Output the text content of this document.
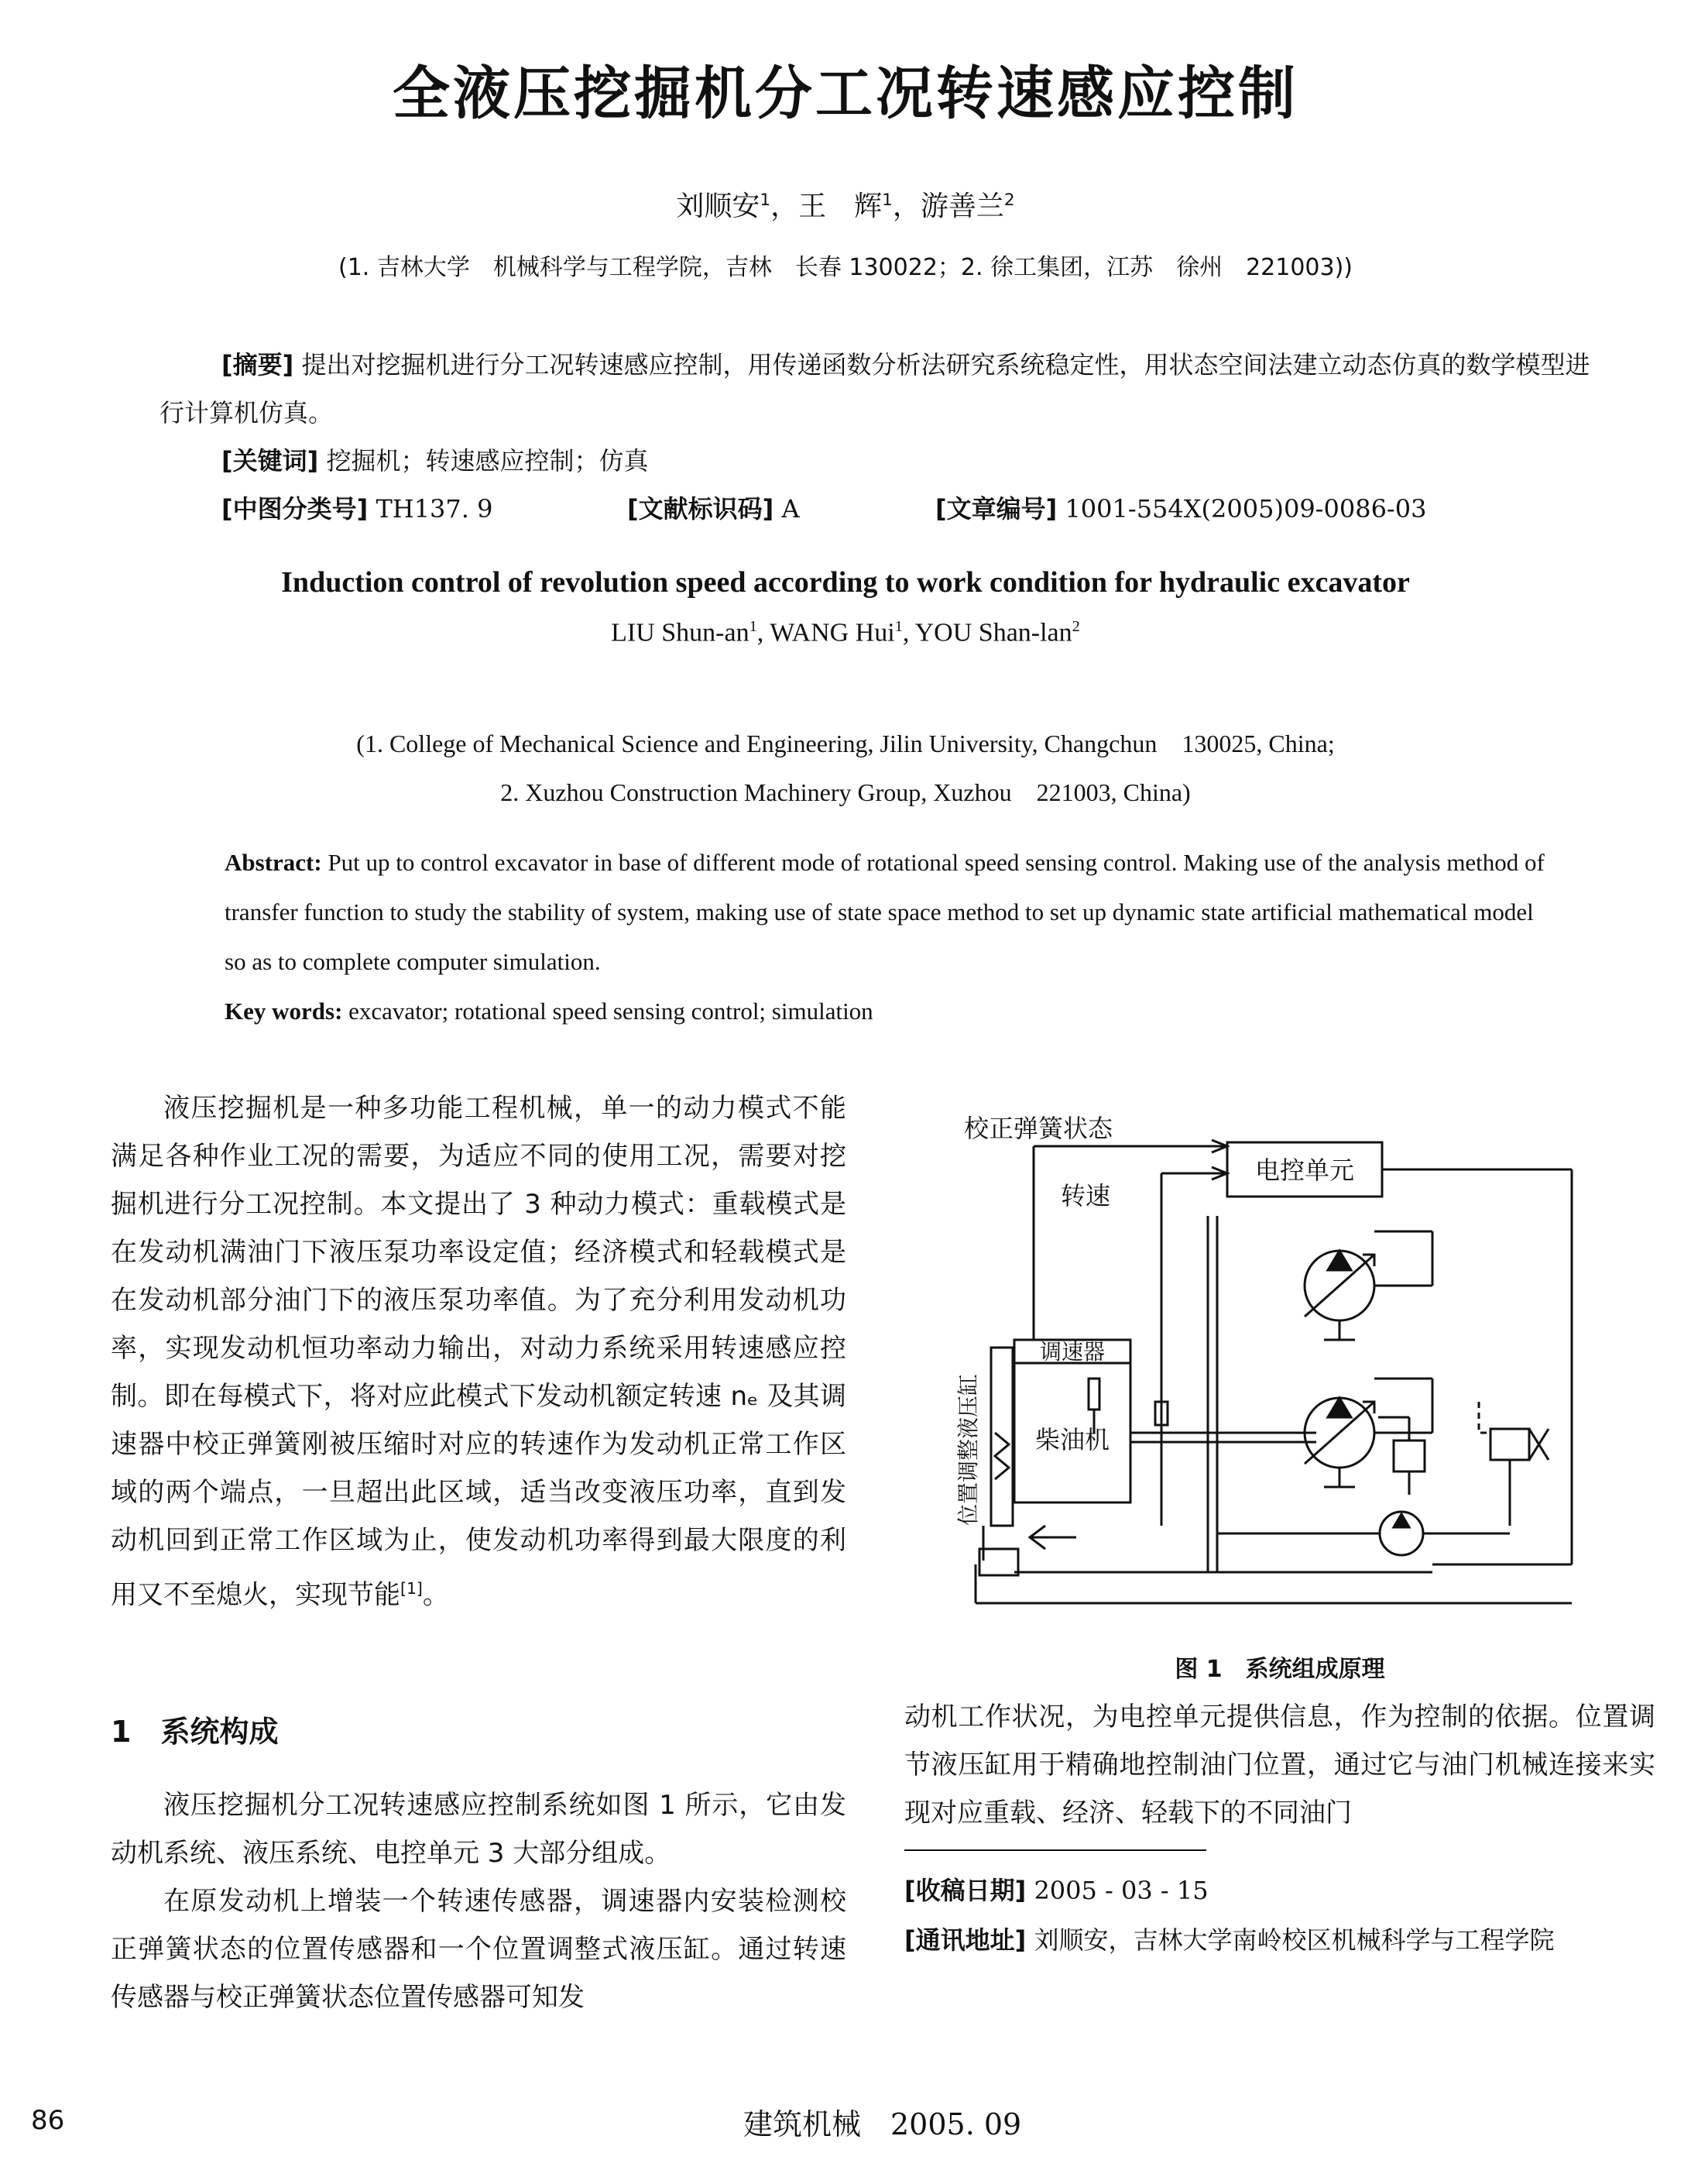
全液压挖掘机分工况转速感应控制
刘顺安$^1$，王　辉$^1$，游善兰$^2$
(1. 吉林大学　机械科学与工程学院，吉林　长春 130022；2. 徐工集团，江苏　徐州　221003))
[摘要] 提出对挖掘机进行分工况转速感应控制，用传递函数分析法研究系统稳定性，用状态空间法建立动态仿真的数学模型进行计算机仿真。
[关键词] 挖掘机；转速感应控制；仿真
[中图分类号] TH137. 9	[文献标识码] A	[文章编号] 1001-554X(2005)09-0086-03
Induction control of revolution speed according to work condition for hydraulic excavator
LIU Shun-$an^1$, WANG Hui$^1$, YOU Shan-lan$^2$
(1. College of Mechanical Science and Engineering, Jilin University, Changchun　130025, China;
2. Xuzhou Construction Machinery Group, Xuzhou　221003, China)
Abstract: Put up to control excavator in base of different mode of rotational speed sensing control. Making use of the analysis method of transfer function to study the stability of system, making use of state space method to set up dynamic state artificial mathematical model so as to complete computer simulation.
Key words: excavator; rotational speed sensing control; simulation

液压挖掘机是一种多功能工程机械，单一的动力模式不能满足各种作业工况的需要，为适应不同的使用工况，需要对挖掘机进行分工况控制。本文提出了 3 种动力模式：重载模式是在发动机满油门下液压泵功率设定值；经济模式和轻载模式是在发动机部分油门下的液压泵功率值。为了充分利用发动机功率，实现发动机恒功率动力输出，对动力系统采用转速感应控制。即在每模式下，将对应此模式下发动机额定转速 nₑ 及其调速器中校正弹簧刚被压缩时对应的转速作为发动机正常工作区域的两个端点，一旦超出此区域，适当改变液压功率，直到发动机回到正常工作区域为止，使发动机功率得到最大限度的利用又不至熄火，实现节能[1]。

1　系统构成

液压挖掘机分工况转速感应控制系统如图 1 所示，它由发动机系统、液压系统、电控单元 3 大部分组成。

在原发动机上增装一个转速传感器，调速器内安装检测校正弹簧状态的位置传感器和一个位置调整式液压缸。通过转速传感器与校正弹簧状态位置传感器可知发

校正弹簧状态
转速
电控单元
调速器
柴油机
位置调整液压缸
图 1　系统组成原理
动机工作状况，为电控单元提供信息，作为控制的依据。位置调节液压缸用于精确地控制油门位置，通过它与油门机械连接来实现对应重载、经济、轻载下的不同油门
[收稿日期] 2005 - 03 - 15
[通讯地址] 刘顺安，吉林大学南岭校区机械科学与工程学院
86	建筑机械　2005. 09
